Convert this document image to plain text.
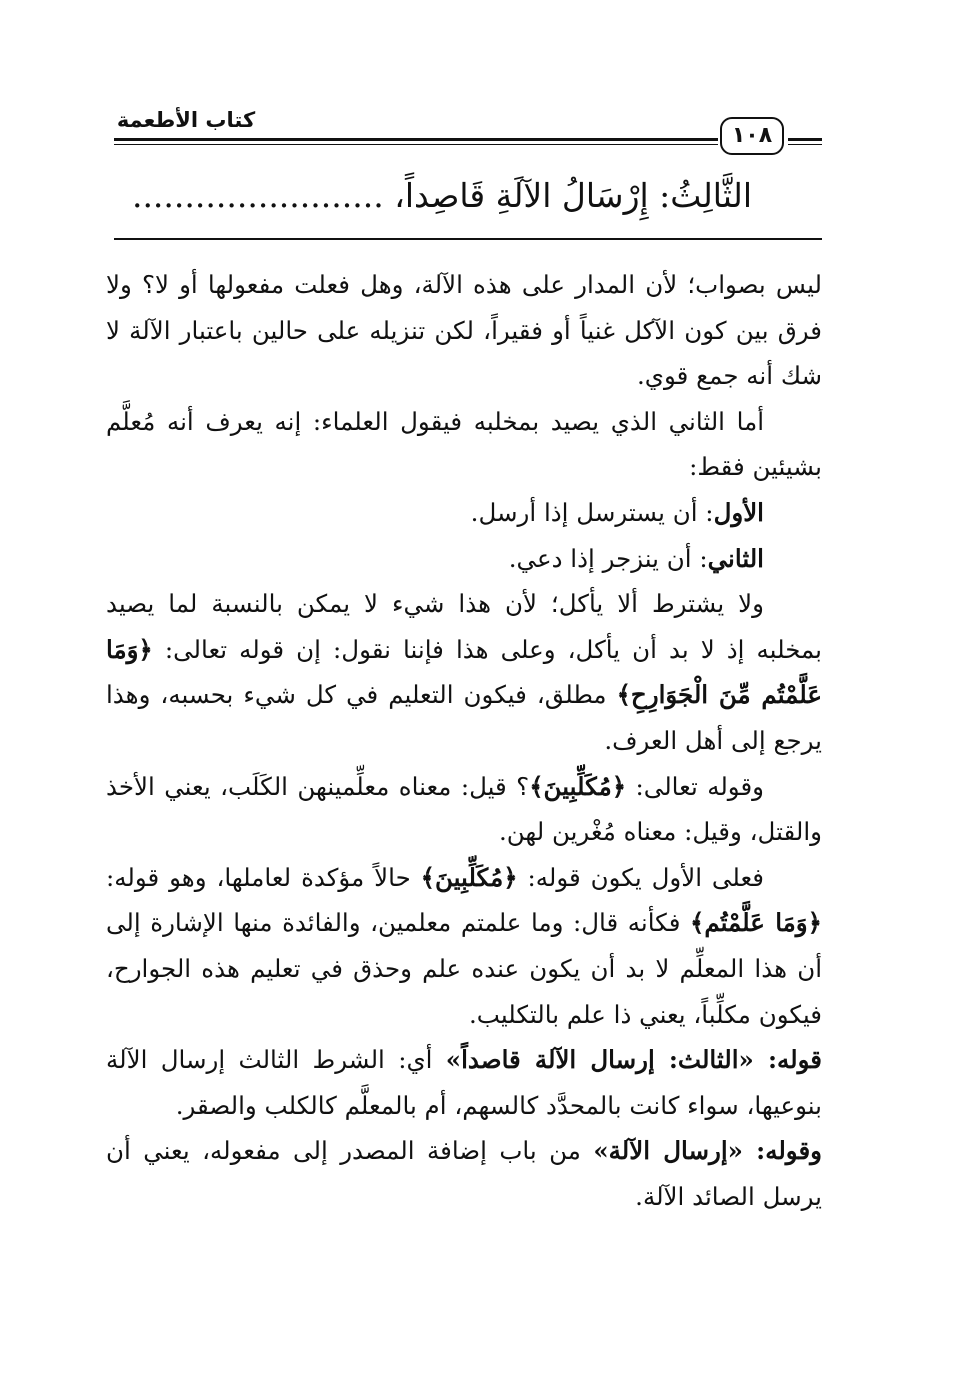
كتاب الأطعمة
١٠٨
الثَّالِثُ: إِرْسَالُ الآلَةِ قَاصِداً، ........................

ليس بصواب؛ لأن المدار على هذه الآلة، وهل فعلت مفعولها أو لا؟ ولا فرق بين كون الآكل غنياً أو فقيراً، لكن تنزيله على حالين باعتبار الآلة لا شك أنه جمع قوي.

أما الثاني الذي يصيد بمخلبه فيقول العلماء: إنه يعرف أنه مُعلَّم بشيئين فقط:

الأول: أن يسترسل إذا أرسل.

الثاني: أن ينزجر إذا دعي.

ولا يشترط ألا يأكل؛ لأن هذا شيء لا يمكن بالنسبة لما يصيد بمخلبه إذ لا بد أن يأكل، وعلى هذا فإننا نقول: إن قوله تعالى: ﴿وَمَا عَلَّمْتُم مِّنَ الْجَوَارِحِ﴾ مطلق، فيكون التعليم في كل شيء بحسبه، وهذا يرجع إلى أهل العرف.

وقوله تعالى: ﴿مُكَلِّبِينَ﴾؟ قيل: معناه معلِّمينهن الكَلَب، يعني الأخذ والقتل، وقيل: معناه مُغْرين لهن.

فعلى الأول يكون قوله: ﴿مُكَلِّبِينَ﴾ حالاً مؤكدة لعاملها، وهو قوله: ﴿وَمَا عَلَّمْتُم﴾ فكأنه قال: وما علمتم معلمين، والفائدة منها الإشارة إلى أن هذا المعلِّم لا بد أن يكون عنده علم وحذق في تعليم هذه الجوارح، فيكون مكلِّباً، يعني ذا علم بالتكليب.

قوله: «الثالث: إرسال الآلة قاصداً» أي: الشرط الثالث إرسال الآلة بنوعيها، سواء كانت بالمحدَّد كالسهم، أم بالمعلَّم كالكلب والصقر.

وقوله: «إرسال الآلة» من باب إضافة المصدر إلى مفعوله، يعني أن يرسل الصائد الآلة.
